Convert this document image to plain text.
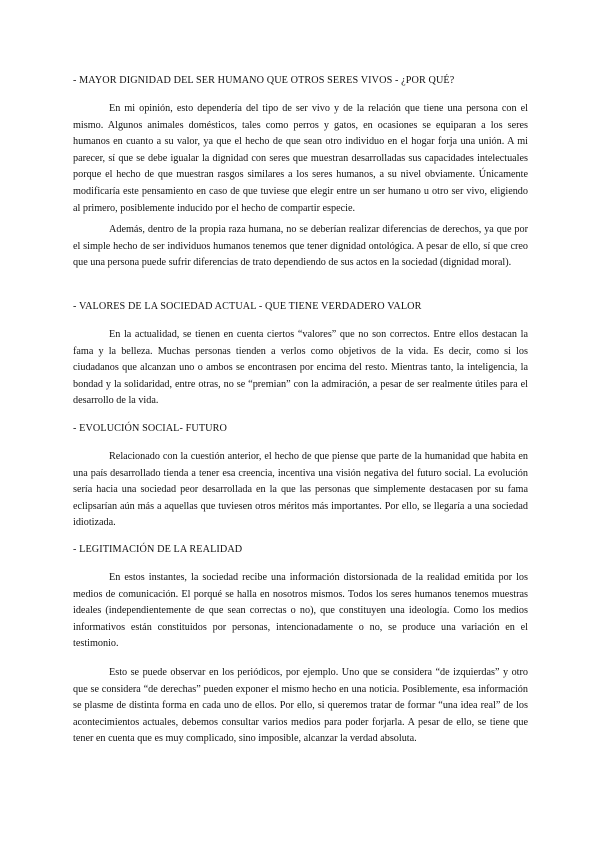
- MAYOR DIGNIDAD DEL SER HUMANO QUE OTROS SERES VIVOS - ¿POR QUÉ?

En mi opinión, esto dependería del tipo de ser vivo y de la relación que tiene una persona con el mismo. Algunos animales domésticos, tales como perros y gatos, en ocasiones se equiparan a los seres humanos en cuanto a su valor, ya que el hecho de que sean otro individuo en el hogar forja una unión. A mi parecer, sí que se debe igualar la dignidad con seres que muestran desarrolladas sus capacidades intelectuales porque el hecho de que muestran rasgos similares a los seres humanos, a su nivel obviamente. Únicamente modificaría este pensamiento en caso de que tuviese que elegir entre un ser humano u otro ser vivo, eligiendo al primero, posiblemente inducido por el hecho de compartir especie.

Además, dentro de la propia raza humana, no se deberían realizar diferencias de derechos, ya que por el simple hecho de ser individuos humanos tenemos que tener dignidad ontológica. A pesar de ello, sí que creo que una persona puede sufrir diferencias de trato dependiendo de sus actos en la sociedad (dignidad moral).

- VALORES DE LA SOCIEDAD ACTUAL - QUE TIENE VERDADERO VALOR

En la actualidad, se tienen en cuenta ciertos “valores” que no son correctos. Entre ellos destacan la fama y la belleza. Muchas personas tienden a verlos como objetivos de la vida. Es decir, como si los ciudadanos que alcanzan uno o ambos se encontrasen por encima del resto. Mientras tanto, la inteligencia, la bondad y la solidaridad, entre otras, no se “premian” con la admiración, a pesar de ser realmente útiles para el desarrollo de la vida.

- EVOLUCIÓN SOCIAL- FUTURO

Relacionado con la cuestión anterior, el hecho de que piense que parte de la humanidad que habita en una país desarrollado tienda a tener esa creencia, incentiva una visión negativa del futuro social. La evolución sería hacia una sociedad peor desarrollada en la que las personas que simplemente destacasen por su fama eclipsarían aún más a aquellas que tuviesen otros méritos más importantes. Por ello, se llegaría a una sociedad idiotizada.

- LEGITIMACIÓN DE LA REALIDAD

En estos instantes, la sociedad recibe una información distorsionada de la realidad emitida por los medios de comunicación. El porqué se halla en nosotros mismos. Todos los seres humanos tenemos muestras ideales (independientemente de que sean correctas o no), que constituyen una ideología. Como los medios informativos están constituidos por personas, intencionadamente o no, se produce una variación en el testimonio.

Esto se puede observar en los periódicos, por ejemplo. Uno que se considera “de izquierdas” y otro que se considera “de derechas” pueden exponer el mismo hecho en una noticia. Posiblemente, esa información se plasme de distinta forma en cada uno de ellos. Por ello, si queremos tratar de formar “una idea real” de los acontecimientos actuales, debemos consultar varios medios para poder forjarla. A pesar de ello, se tiene que tener en cuenta que es muy complicado, sino imposible, alcanzar la verdad absoluta.
